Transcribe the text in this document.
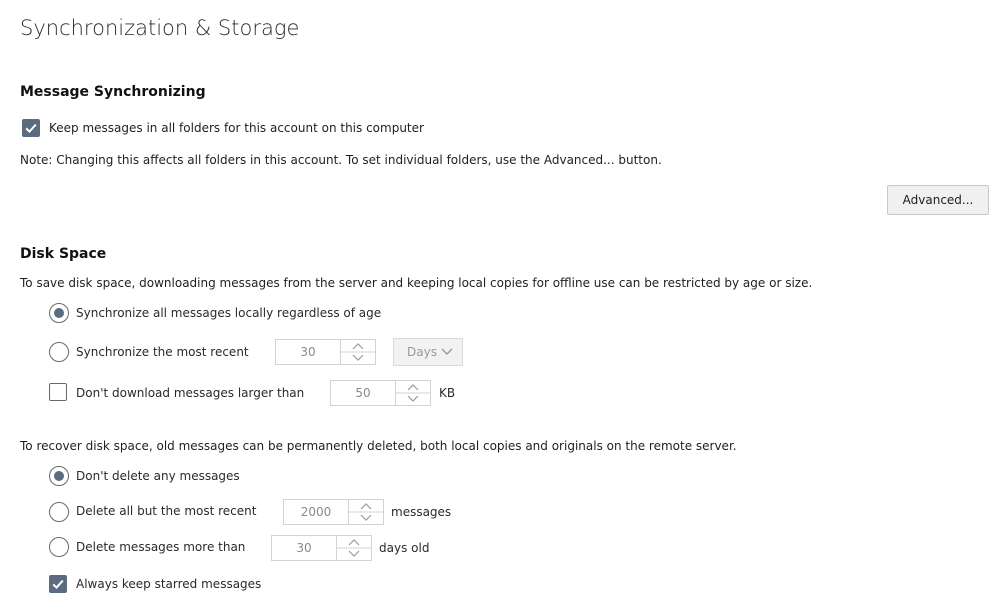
Synchronization & Storage
Message Synchronizing
Keep messages in all folders for this account on this computer
Note: Changing this affects all folders in this account. To set individual folders, use the Advanced... button.
Advanced...
Disk Space
To save disk space, downloading messages from the server and keeping local copies for offline use can be restricted by age or size.
Synchronize all messages locally regardless of age
Synchronize the most recent	30	Days
Don't download messages larger than	50	KB
To recover disk space, old messages can be permanently deleted, both local copies and originals on the remote server.
Don't delete any messages
Delete all but the most recent	2000	messages
Delete messages more than	30	days old
Always keep starred messages
